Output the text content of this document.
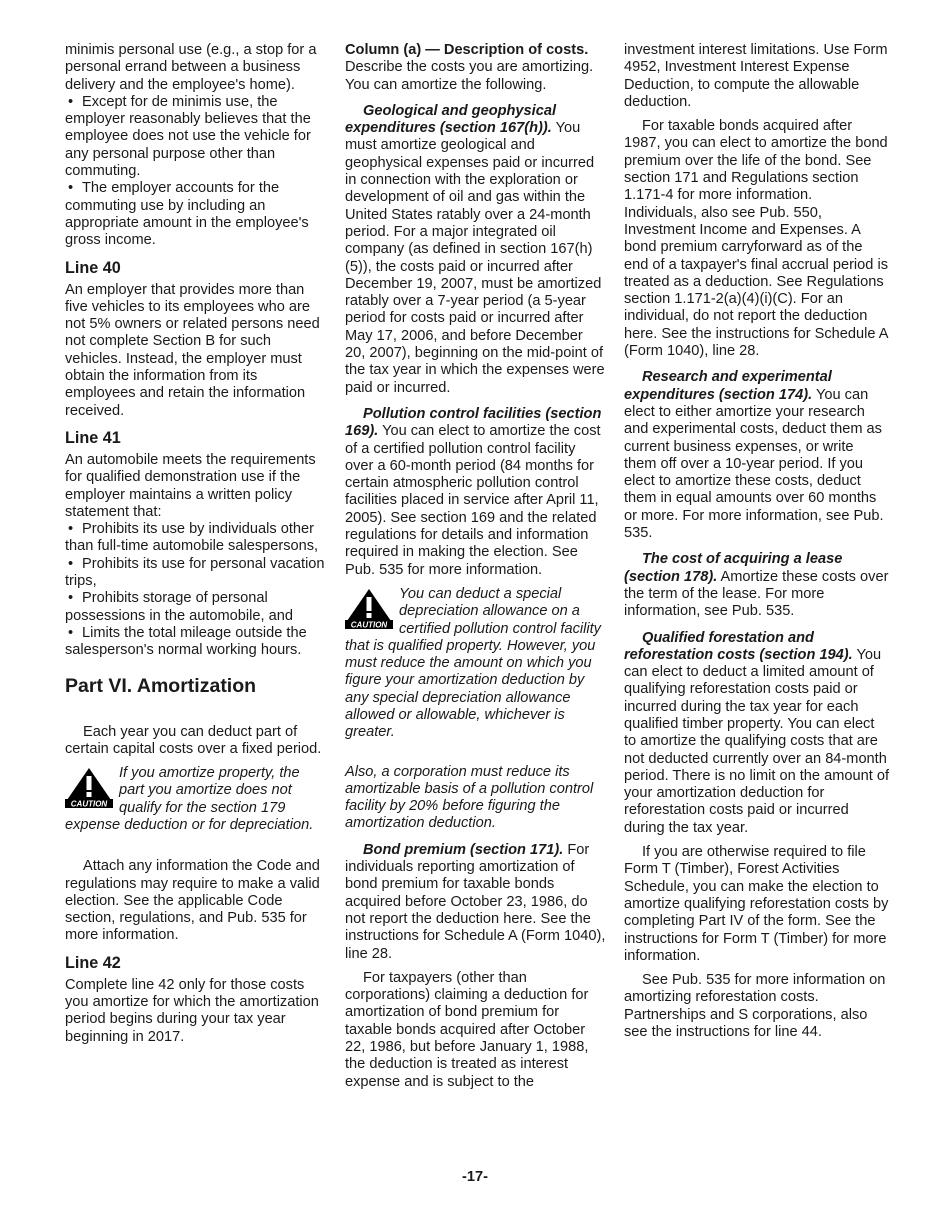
minimis personal use (e.g., a stop for a personal errand between a business delivery and the employee's home).

• Except for de minimis use, the employer reasonably believes that the employee does not use the vehicle for any personal purpose other than commuting.

• The employer accounts for the commuting use by including an appropriate amount in the employee's gross income.

Line 40

An employer that provides more than five vehicles to its employees who are not 5% owners or related persons need not complete Section B for such vehicles. Instead, the employer must obtain the information from its employees and retain the information received.

Line 41

An automobile meets the requirements for qualified demonstration use if the employer maintains a written policy statement that:

• Prohibits its use by individuals other than full-time automobile salespersons,

• Prohibits its use for personal vacation trips,

• Prohibits storage of personal possessions in the automobile, and

• Limits the total mileage outside the salesperson's normal working hours.

Part VI. Amortization

Each year you can deduct part of certain capital costs over a fixed period.

CAUTION
If you amortize property, the part you amortize does not qualify for the section 179 expense deduction or for depreciation.

Attach any information the Code and regulations may require to make a valid election. See the applicable Code section, regulations, and Pub. 535 for more information.

Line 42

Complete line 42 only for those costs you amortize for which the amortization period begins during your tax year beginning in 2017.

Column (a) — Description of costs. Describe the costs you are amortizing. You can amortize the following.

Geological and geophysical expenditures (section 167(h)). You must amortize geological and geophysical expenses paid or incurred in connection with the exploration or development of oil and gas within the United States ratably over a 24-month period. For a major integrated oil company (as defined in section 167(h)(5)), the costs paid or incurred after December 19, 2007, must be amortized ratably over a 7-year period (a 5-year period for costs paid or incurred after May 17, 2006, and before December 20, 2007), beginning on the mid-point of the tax year in which the expenses were paid or incurred.

Pollution control facilities (section 169). You can elect to amortize the cost of a certified pollution control facility over a 60-month period (84 months for certain atmospheric pollution control facilities placed in service after April 11, 2005). See section 169 and the related regulations for details and information required in making the election. See Pub. 535 for more information.

CAUTION
You can deduct a special depreciation allowance on a certified pollution control facility that is qualified property. However, you must reduce the amount on which you figure your amortization deduction by any special depreciation allowance allowed or allowable, whichever is greater.

Also, a corporation must reduce its amortizable basis of a pollution control facility by 20% before figuring the amortization deduction.

Bond premium (section 171). For individuals reporting amortization of bond premium for taxable bonds acquired before October 23, 1986, do not report the deduction here. See the instructions for Schedule A (Form 1040), line 28.

For taxpayers (other than corporations) claiming a deduction for amortization of bond premium for taxable bonds acquired after October 22, 1986, but before January 1, 1988, the deduction is treated as interest expense and is subject to the

investment interest limitations. Use Form 4952, Investment Interest Expense Deduction, to compute the allowable deduction.

For taxable bonds acquired after 1987, you can elect to amortize the bond premium over the life of the bond. See section 171 and Regulations section 1.171-4 for more information. Individuals, also see Pub. 550, Investment Income and Expenses. A bond premium carryforward as of the end of a taxpayer's final accrual period is treated as a deduction. See Regulations section 1.171-2(a)(4)(i)(C). For an individual, do not report the deduction here. See the instructions for Schedule A (Form 1040), line 28.

Research and experimental expenditures (section 174). You can elect to either amortize your research and experimental costs, deduct them as current business expenses, or write them off over a 10-year period. If you elect to amortize these costs, deduct them in equal amounts over 60 months or more. For more information, see Pub. 535.

The cost of acquiring a lease (section 178). Amortize these costs over the term of the lease. For more information, see Pub. 535.

Qualified forestation and reforestation costs (section 194). You can elect to deduct a limited amount of qualifying reforestation costs paid or incurred during the tax year for each qualified timber property. You can elect to amortize the qualifying costs that are not deducted currently over an 84-month period. There is no limit on the amount of your amortization deduction for reforestation costs paid or incurred during the tax year.

If you are otherwise required to file Form T (Timber), Forest Activities Schedule, you can make the election to amortize qualifying reforestation costs by completing Part IV of the form. See the instructions for Form T (Timber) for more information.

See Pub. 535 for more information on amortizing reforestation costs. Partnerships and S corporations, also see the instructions for line 44.

-17-
